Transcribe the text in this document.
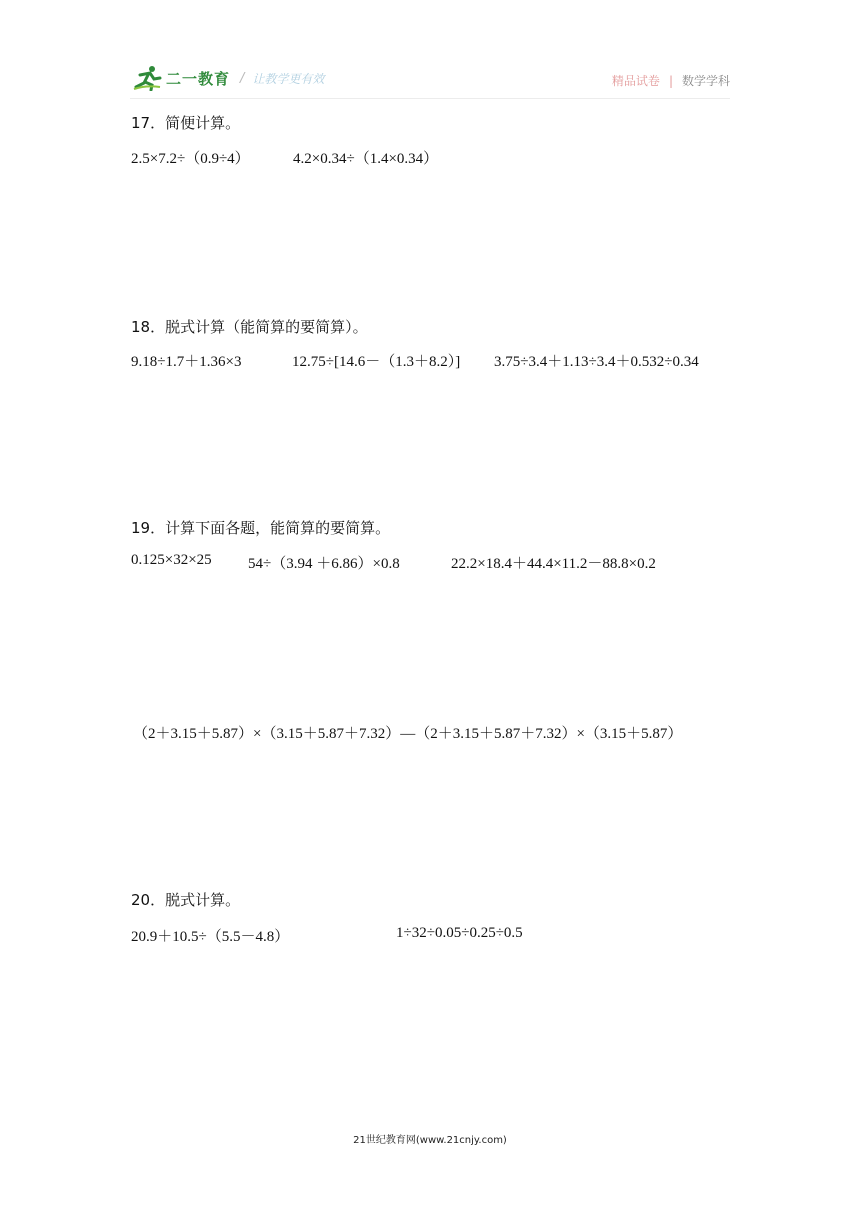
二一教育 / 让教学更有效	精品试卷 | 数学学科
17．简便计算。
2.5×7.2÷（0.9÷4）	4.2×0.34÷（1.4×0.34）
18．脱式计算（能简算的要简算）。
9.18÷1.7＋1.36×3	12.75÷[14.6－（1.3＋8.2）] 3.75÷3.4＋1.13÷3.4＋0.532÷0.34
19．计算下面各题，能简算的要简算。
0.125×32×25 54÷（3.94 ＋6.86）×0.8	22.2×18.4＋44.4×11.2－88.8×0.2
（2＋3.15＋5.87）×（3.15＋5.87＋7.32）—（2＋3.15＋5.87＋7.32）×（3.15＋5.87）
20．脱式计算。
20.9＋10.5÷（5.5－4.8）	1÷32÷0.05÷0.25÷0.5
21世纪教育网(www.21cnjy.com)
